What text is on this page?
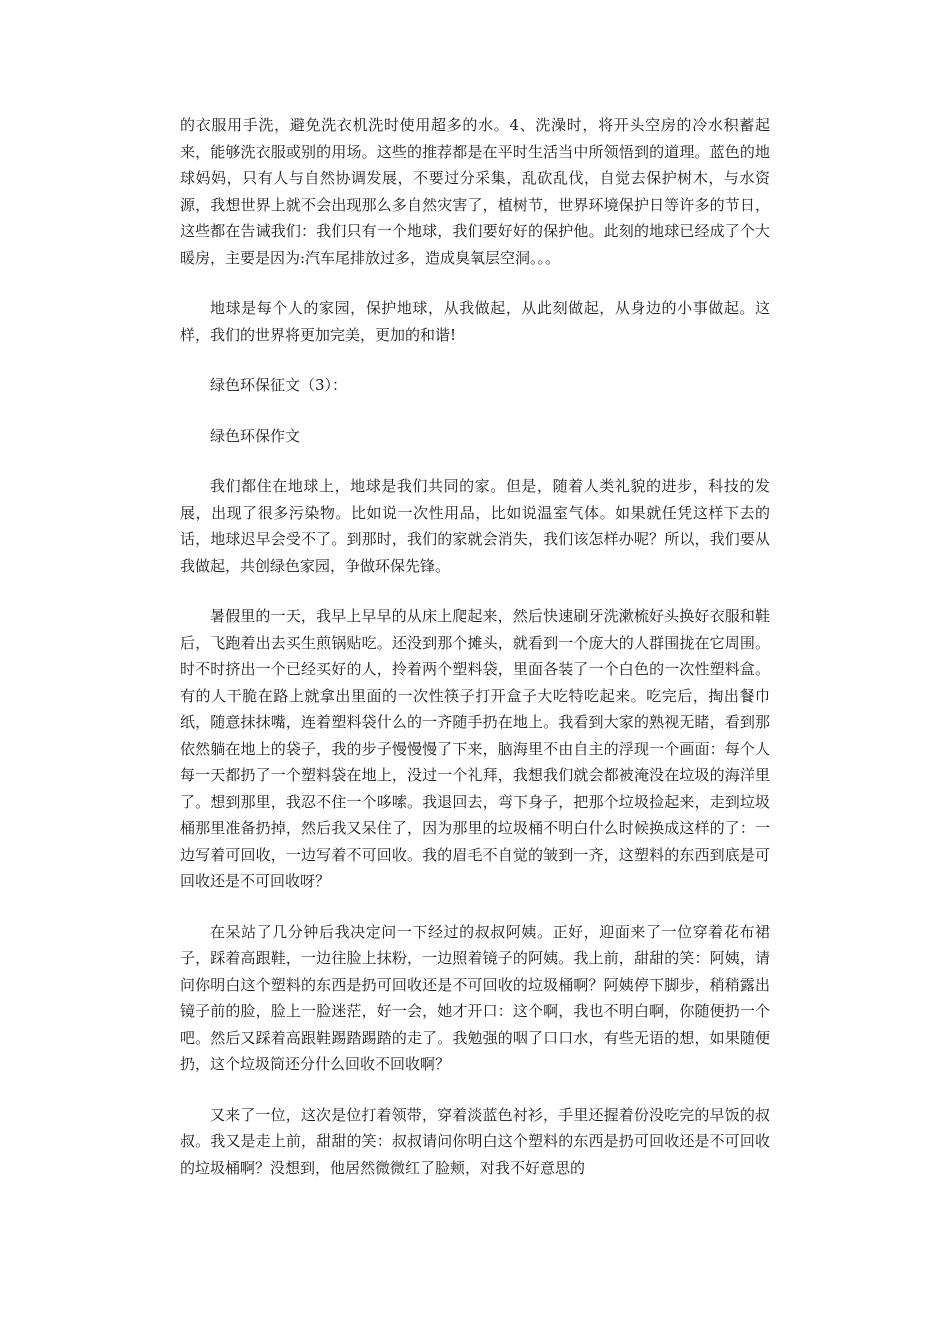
的衣服用手洗，避免洗衣机洗时使用超多的水。4、洗澡时，将开头空房的冷水积蓄起来，能够洗衣服或别的用场。这些的推荐都是在平时生活当中所领悟到的道理。蓝色的地球妈妈，只有人与自然协调发展，不要过分采集，乱砍乱伐，自觉去保护树木，与水资源，我想世界上就不会出现那么多自然灾害了，植树节，世界环境保护日等许多的节日，这些都在告诫我们：我们只有一个地球，我们要好好的保护他。此刻的地球已经成了个大暖房，主要是因为:汽车尾排放过多，造成臭氧层空洞。。。

地球是每个人的家园，保护地球，从我做起，从此刻做起，从身边的小事做起。这样，我们的世界将更加完美，更加的和谐!

绿色环保征文（3）：

绿色环保作文

我们都住在地球上，地球是我们共同的家。但是，随着人类礼貌的进步，科技的发展，出现了很多污染物。比如说一次性用品，比如说温室气体。如果就任凭这样下去的话，地球迟早会受不了。到那时，我们的家就会消失，我们该怎样办呢？所以，我们要从我做起，共创绿色家园，争做环保先锋。

暑假里的一天，我早上早早的从床上爬起来，然后快速刷牙洗漱梳好头换好衣服和鞋后，飞跑着出去买生煎锅贴吃。还没到那个摊头，就看到一个庞大的人群围拢在它周围。时不时挤出一个已经买好的人，拎着两个塑料袋，里面各装了一个白色的一次性塑料盒。有的人干脆在路上就拿出里面的一次性筷子打开盒子大吃特吃起来。吃完后，掏出餐巾纸，随意抹抹嘴，连着塑料袋什么的一齐随手扔在地上。我看到大家的熟视无睹，看到那依然躺在地上的袋子，我的步子慢慢慢了下来，脑海里不由自主的浮现一个画面：每个人每一天都扔了一个塑料袋在地上，没过一个礼拜，我想我们就会都被淹没在垃圾的海洋里了。想到那里，我忍不住一个哆嗦。我退回去，弯下身子，把那个垃圾捡起来，走到垃圾桶那里准备扔掉，然后我又呆住了，因为那里的垃圾桶不明白什么时候换成这样的了：一边写着可回收，一边写着不可回收。我的眉毛不自觉的皱到一齐，这塑料的东西到底是可回收还是不可回收呀？

在呆站了几分钟后我决定问一下经过的叔叔阿姨。正好，迎面来了一位穿着花布裙子，踩着高跟鞋，一边往脸上抹粉，一边照着镜子的阿姨。我上前，甜甜的笑：阿姨，请问你明白这个塑料的东西是扔可回收还是不可回收的垃圾桶啊？阿姨停下脚步，稍稍露出镜子前的脸，脸上一脸迷茫，好一会，她才开口：这个啊，我也不明白啊，你随便扔一个吧。然后又踩着高跟鞋踢踏踢踏的走了。我勉强的咽了口口水，有些无语的想，如果随便扔，这个垃圾筒还分什么回收不回收啊？

又来了一位，这次是位打着领带，穿着淡蓝色衬衫，手里还握着份没吃完的早饭的叔叔。我又是走上前，甜甜的笑：叔叔请问你明白这个塑料的东西是扔可回收还是不可回收的垃圾桶啊？没想到，他居然微微红了脸颊，对我不好意思的
